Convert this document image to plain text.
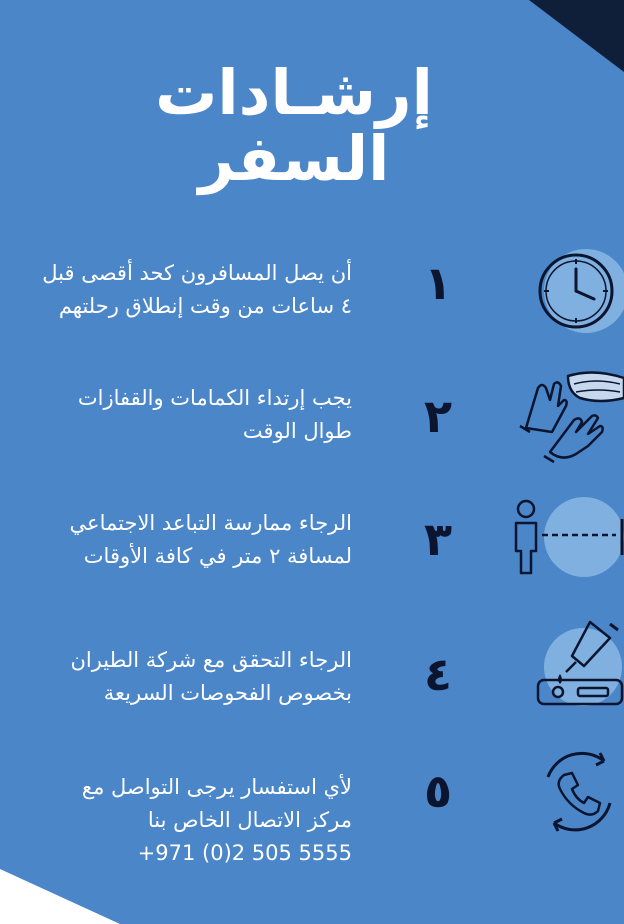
إرشـادات
السفر
أن يصل المسافرون كحد أقصى قبل
٤ ساعات من وقت إنطلاق رحلتهم	١
يجب إرتداء الكمامات والقفازات
طوال الوقت	٢
الرجاء ممارسة التباعد الاجتماعي
لمسافة ٢ متر في كافة الأوقات	٣
الرجاء التحقق مع شركة الطيران
بخصوص الفحوصات السريعة	٤
لأي استفسار يرجى التواصل مع
مركز الاتصال الخاص بنا
+971 (0)2 505 5555
٥
